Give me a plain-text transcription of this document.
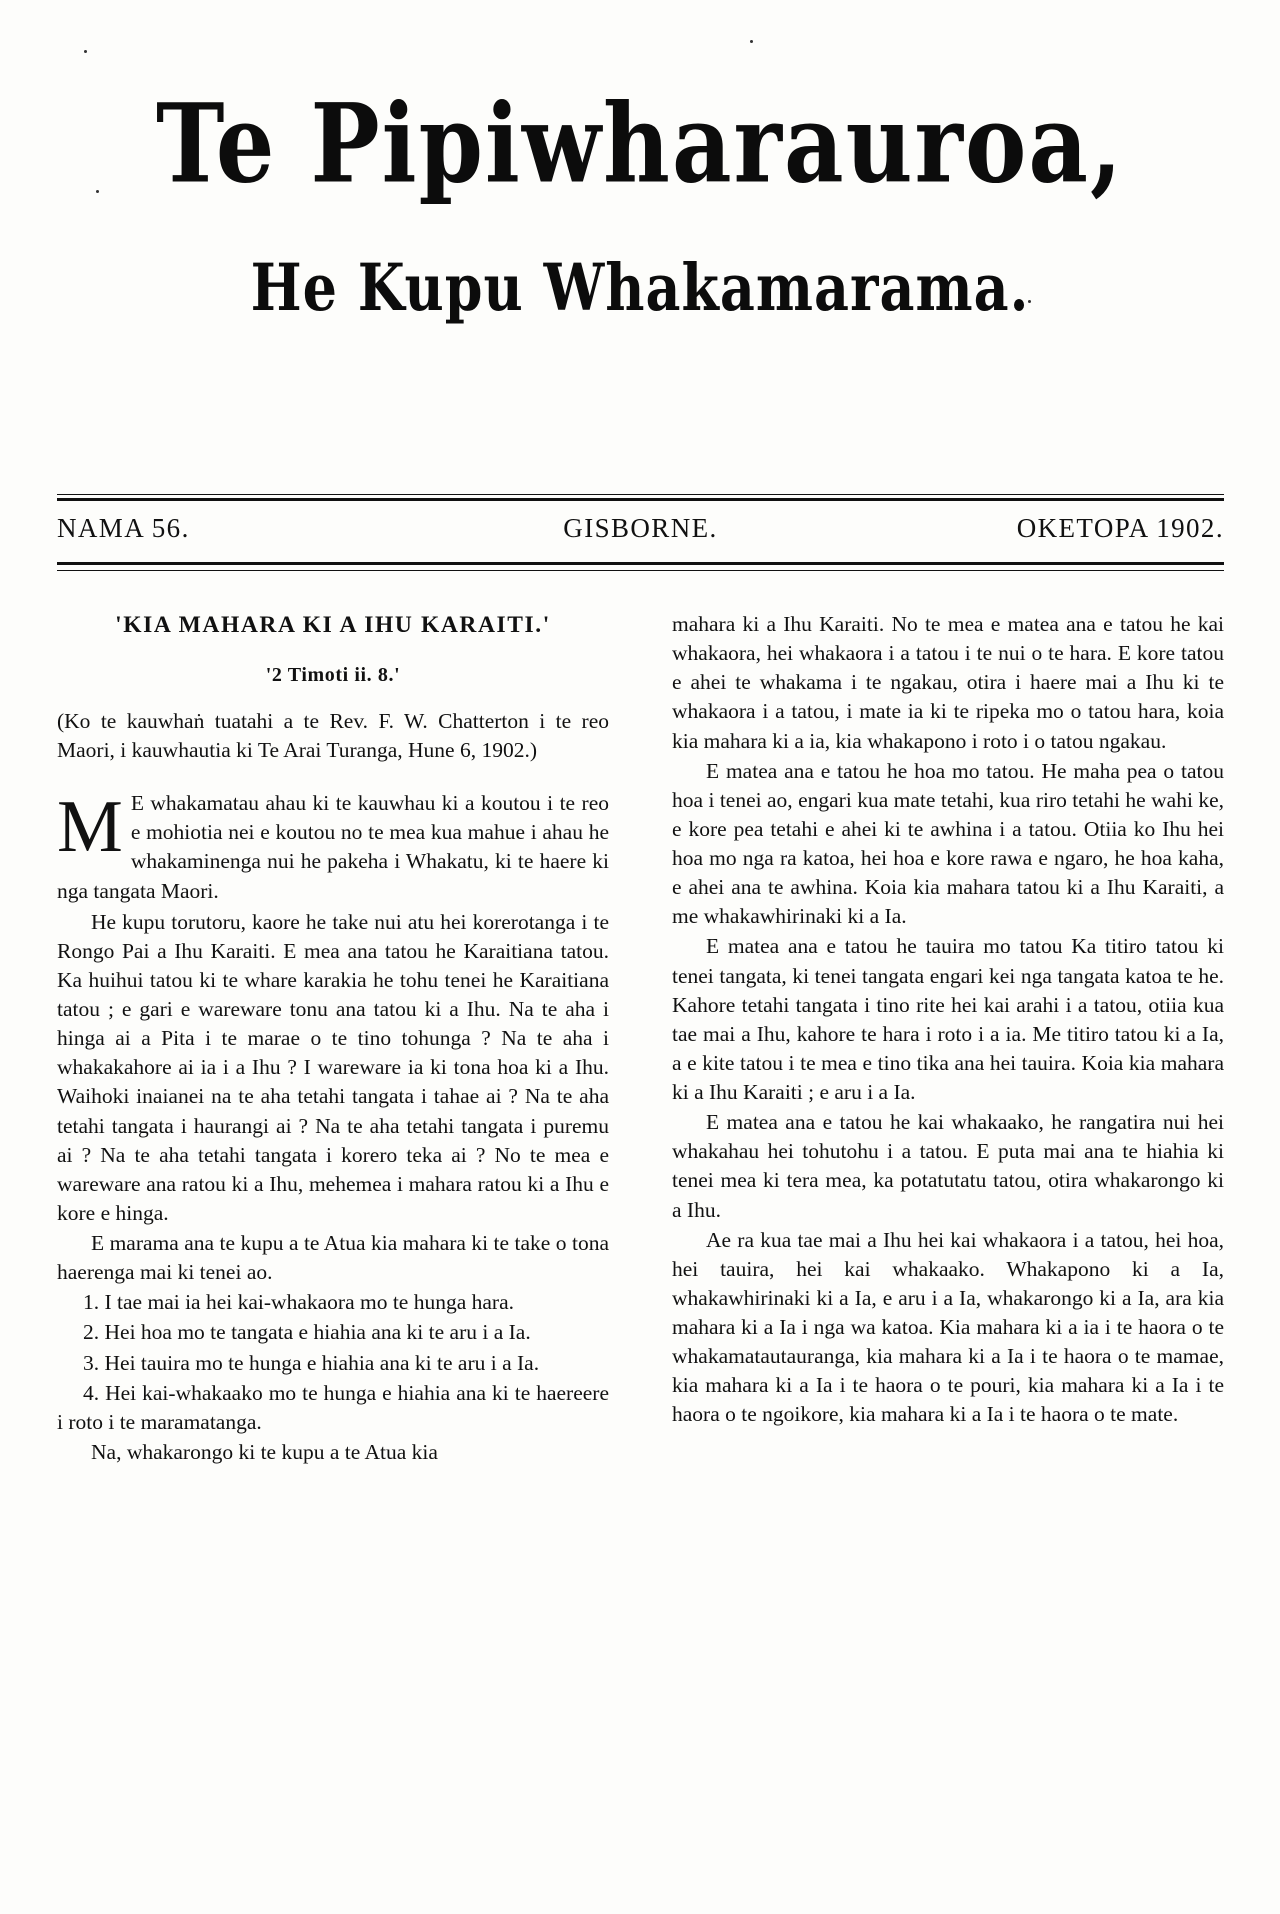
Te Pipiwharauroa,
He Kupu Whakamarama.
NAMA 56.	GISBORNE.	OKETOPA 1902.
'KIA MAHARA KI A IHU KARAITI.'
'2 Timoti ii. 8.'

(Ko te kauwhaṅ tuatahi a te Rev. F. W. Chatterton i te reo Maori, i kauwhautia ki Te Arai Turanga, Hune 6, 1902.)

M E whakamatau ahau ki te kauwhau ki a koutou i te reo e mohiotia nei e koutou no te mea kua mahue i ahau he whakaminenga nui he pakeha i Whakatu, ki te haere ki nga tangata Maori.

He kupu torutoru, kaore he take nui atu hei korerotanga i te Rongo Pai a Ihu Karaiti. E mea ana tatou he Karaitiana tatou. Ka huihui tatou ki te whare karakia he tohu tenei he Karaitiana tatou ; e gari e wareware tonu ana tatou ki a Ihu. Na te aha i hinga ai a Pita i te marae o te tino tohunga ? Na te aha i whakakahore ai ia i a Ihu ? I wareware ia ki tona hoa ki a Ihu. Waihoki inaianei na te aha tetahi tangata i tahae ai ? Na te aha tetahi tangata i haurangi ai ? Na te aha tetahi tangata i puremu ai ? Na te aha tetahi tangata i korero teka ai ? No te mea e wareware ana ratou ki a Ihu, mehemea i mahara ratou ki a Ihu e kore e hinga.

E marama ana te kupu a te Atua kia mahara ki te take o tona haerenga mai ki tenei ao.

1. I tae mai ia hei kai-whakaora mo te hunga hara.

2. Hei hoa mo te tangata e hiahia ana ki te aru i a Ia.

3. Hei tauira mo te hunga e hiahia ana ki te aru i a Ia.

4. Hei kai-whakaako mo te hunga e hiahia ana ki te haereere i roto i te maramatanga.

Na, whakarongo ki te kupu a te Atua kia

mahara ki a Ihu Karaiti. No te mea e matea ana e tatou he kai whakaora, hei whakaora i a tatou i te nui o te hara. E kore tatou e ahei te whakama i te ngakau, otira i haere mai a Ihu ki te whakaora i a tatou, i mate ia ki te ripeka mo o tatou hara, koia kia mahara ki a ia, kia whakapono i roto i o tatou ngakau.

E matea ana e tatou he hoa mo tatou. He maha pea o tatou hoa i tenei ao, engari kua mate tetahi, kua riro tetahi he wahi ke, e kore pea tetahi e ahei ki te awhina i a tatou. Otiia ko Ihu hei hoa mo nga ra katoa, hei hoa e kore rawa e ngaro, he hoa kaha, e ahei ana te awhina. Koia kia mahara tatou ki a Ihu Karaiti, a me whakawhirinaki ki a Ia.

E matea ana e tatou he tauira mo tatou Ka titiro tatou ki tenei tangata, ki tenei tangata engari kei nga tangata katoa te he. Kahore tetahi tangata i tino rite hei kai arahi i a tatou, otiia kua tae mai a Ihu, kahore te hara i roto i a ia. Me titiro tatou ki a Ia, a e kite tatou i te mea e tino tika ana hei tauira. Koia kia mahara ki a Ihu Karaiti ; e aru i a Ia.

E matea ana e tatou he kai whakaako, he rangatira nui hei whakahau hei tohutohu i a tatou. E puta mai ana te hiahia ki tenei mea ki tera mea, ka potatutatu tatou, otira whakarongo ki a Ihu.

Ae ra kua tae mai a Ihu hei kai whakaora i a tatou, hei hoa, hei tauira, hei kai whakaako. Whakapono ki a Ia, whakawhirinaki ki a Ia, e aru i a Ia, whakarongo ki a Ia, ara kia mahara ki a Ia i nga wa katoa. Kia mahara ki a ia i te haora o te whakamatautauranga, kia mahara ki a Ia i te haora o te mamae, kia mahara ki a Ia i te haora o te pouri, kia mahara ki a Ia i te haora o te ngoikore, kia mahara ki a Ia i te haora o te mate.
